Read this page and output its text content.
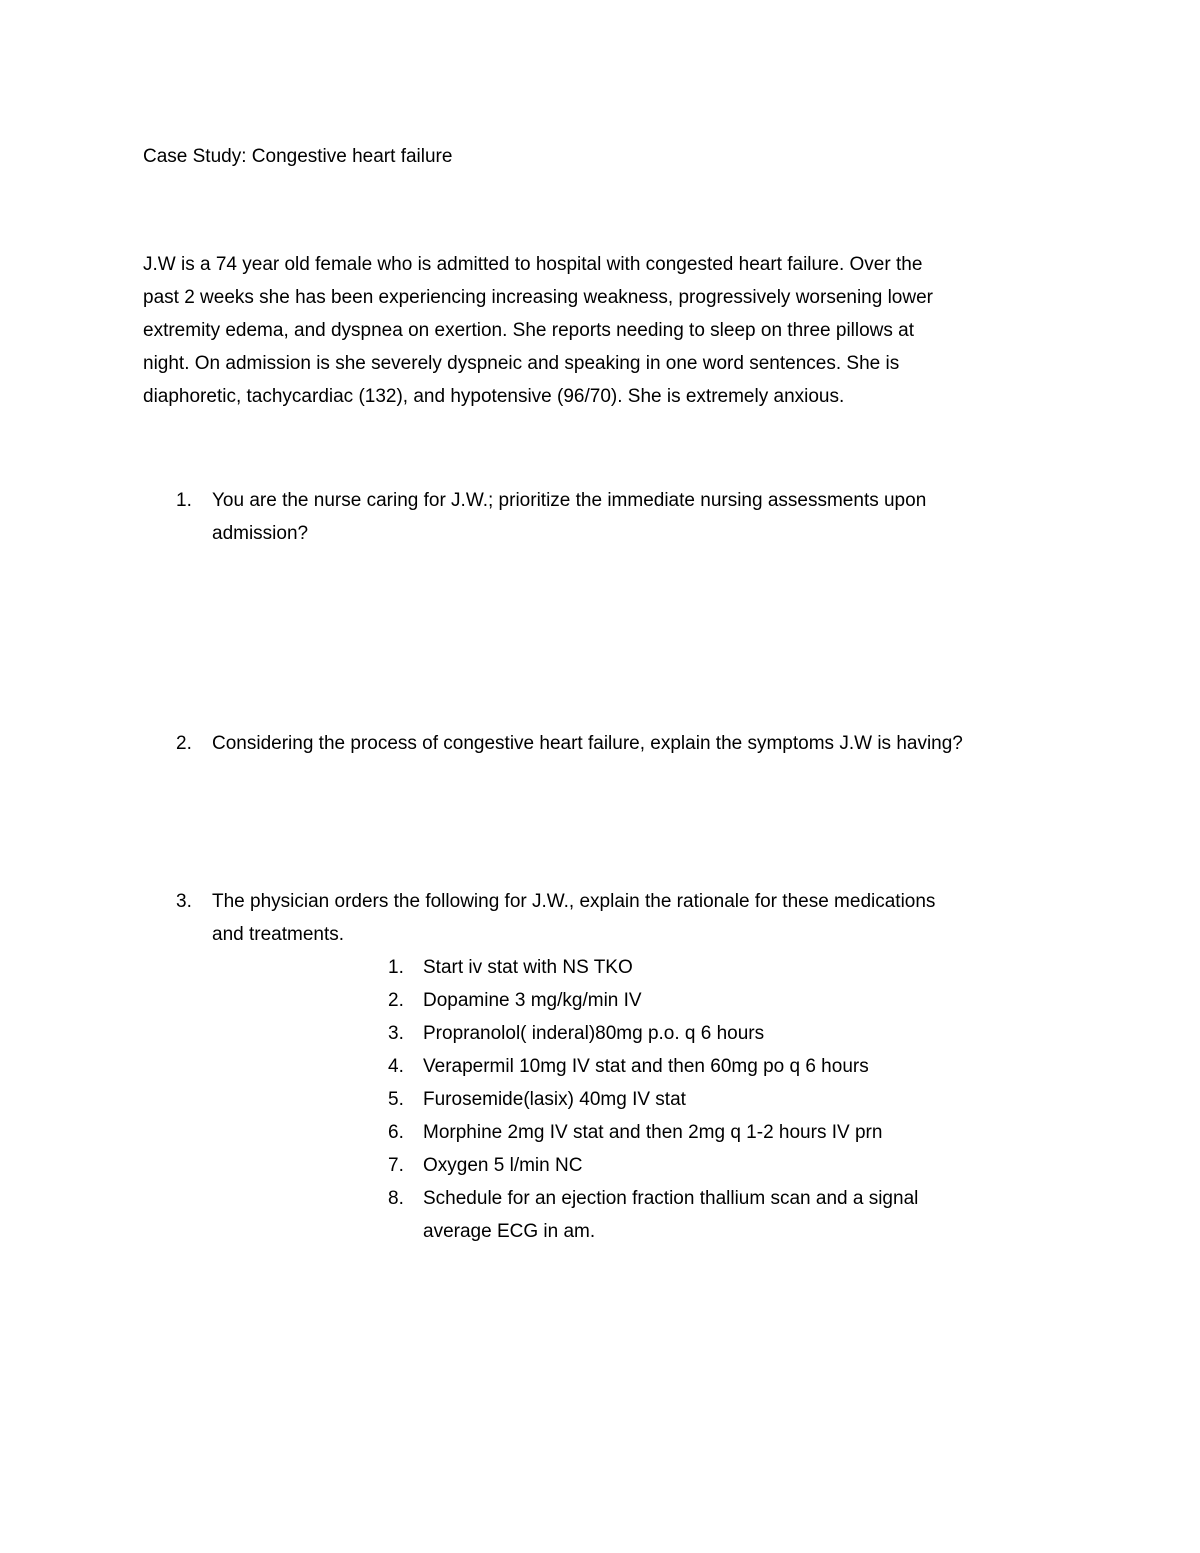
Case Study: Congestive heart failure

J.W is a 74 year old female who is admitted to hospital with congested heart failure. Over the
past 2 weeks she has been experiencing increasing weakness, progressively worsening lower
extremity edema, and dyspnea on exertion. She reports needing to sleep on three pillows at
night. On admission is she severely dyspneic and speaking in one word sentences. She is
diaphoretic, tachycardiac (132), and hypotensive (96/70). She is extremely anxious.

1.	You are the nurse caring for J.W.; prioritize the immediate nursing assessments upon
admission?
2.	Considering the process of congestive heart failure, explain the symptoms J.W is having?
3.	The physician orders the following for J.W., explain the rationale for these medications
and treatments.
1.	Start iv stat with NS TKO
2.	Dopamine 3 mg/kg/min IV
3.	Propranolol( inderal)80mg p.o. q 6 hours
4.	Verapermil 10mg IV stat and then 60mg po q 6 hours
5.	Furosemide(lasix) 40mg IV stat
6.	Morphine 2mg IV stat and then 2mg q 1-2 hours IV prn
7.	Oxygen 5 l/min NC
8.	Schedule for an ejection fraction thallium scan and a signal
average ECG in am.
